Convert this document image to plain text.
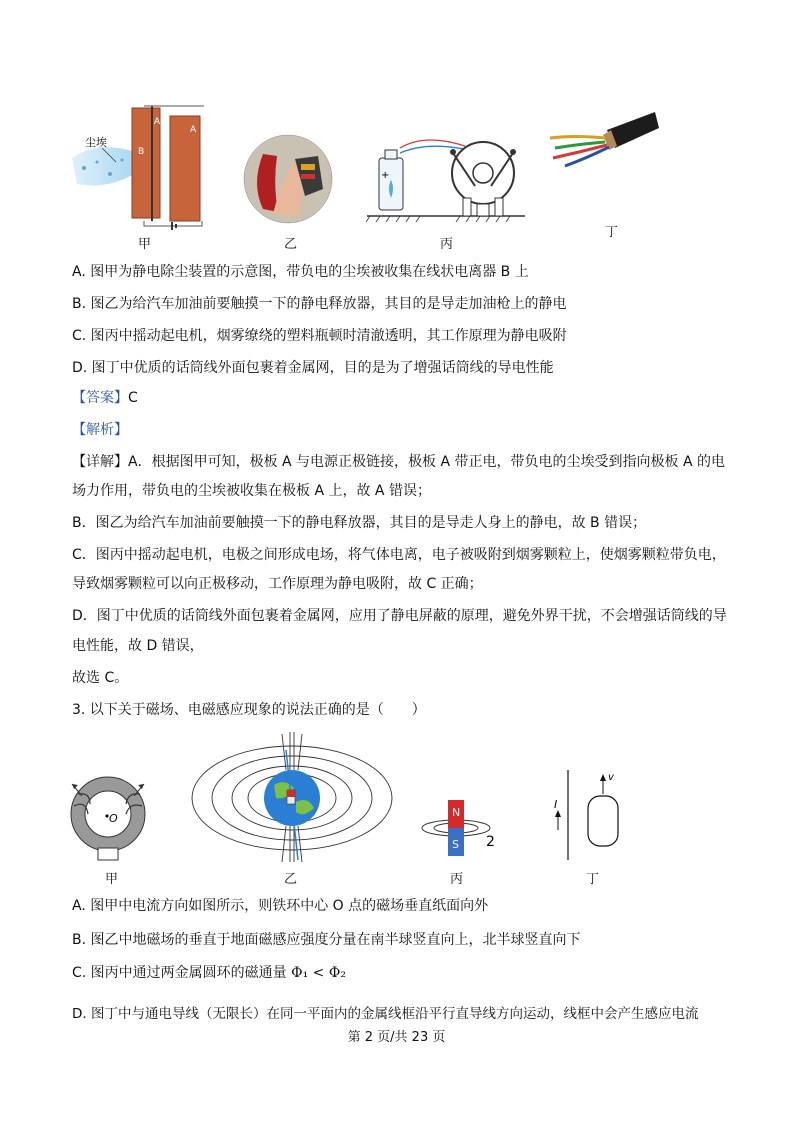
尘埃
A
A
B
甲	乙
+
丙
丁
A. 图甲为静电除尘装置的示意图，带负电的尘埃被收集在线状电离器 B 上
B. 图乙为给汽车加油前要触摸一下的静电释放器，其目的是导走加油枪上的静电
C. 图丙中摇动起电机，烟雾缭绕的塑料瓶顿时清澈透明，其工作原理为静电吸附
D. 图丁中优质的话筒线外面包裹着金属网，目的是为了增强话筒线的导电性能
【答案】C
【解析】
【详解】A．根据图甲可知，极板 A 与电源正极链接，极板 A 带正电，带负电的尘埃受到指向极板 A 的电
场力作用，带负电的尘埃被收集在极板 A 上，故 A 错误；
B．图乙为给汽车加油前要触摸一下的静电释放器，其目的是导走人身上的静电，故 B 错误；
C．图丙中摇动起电机，电极之间形成电场，将气体电离，电子被吸附到烟雾颗粒上，使烟雾颗粒带负电，
导致烟雾颗粒可以向正极移动，工作原理为静电吸附，故 C 正确；
D．图丁中优质的话筒线外面包裹着金属网，应用了静电屏蔽的原理，避免外界干扰，不会增强话筒线的导
电性能，故 D 错误，
故选 C。
3. 以下关于磁场、电磁感应现象的说法正确的是（　　）
O
甲	乙
N
S 2
丙
I
v
丁
A. 图甲中电流方向如图所示，则铁环中心 O 点的磁场垂直纸面向外
B. 图乙中地磁场的垂直于地面磁感应强度分量在南半球竖直向上，北半球竖直向下
C. 图丙中通过两金属圆环的磁通量 Φ₁ < Φ₂
D. 图丁中与通电导线（无限长）在同一平面内的金属线框沿平行直导线方向运动，线框中会产生感应电流
第 2 页/共 23 页
